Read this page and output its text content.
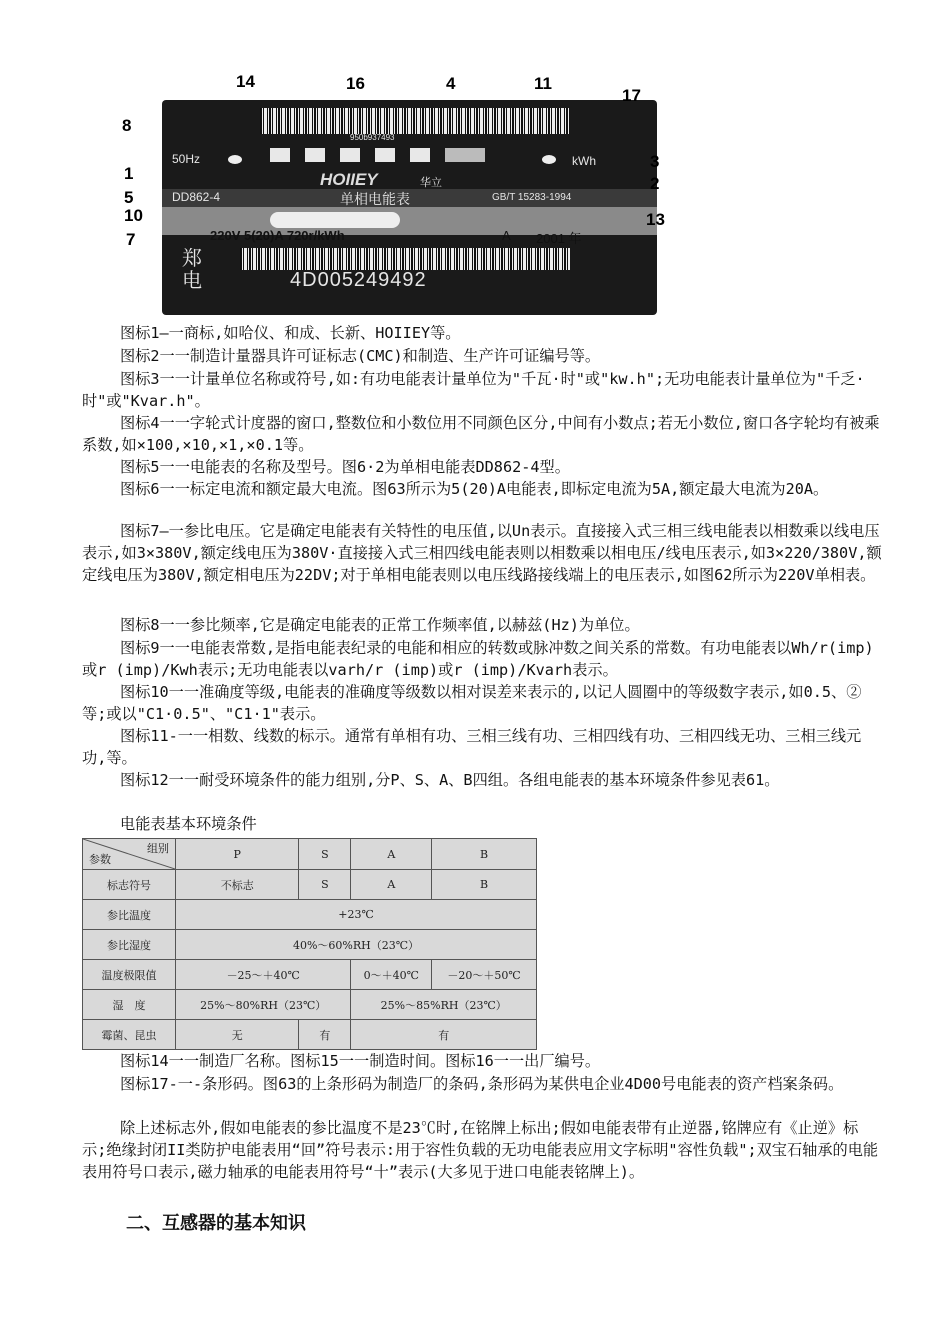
950b937493
50Hz	kWh
HOIIEY	华立
DD862-4	单相电能表	GB/T 15283-1994
220V 5(20)A 720r/kWh	A 2001 年
郑电	4D005249492
14	16	4	11
17
8
3
2
1
5
10	13
7

图标1—一商标,如哈仪、和成、长新、HOIIEY等。

图标2一一制造计量器具许可证标志(CMC)和制造、生产许可证编号等。

图标3一一计量单位名称或符号,如:有功电能表计量单位为"千瓦·时"或"kw.h";无功电能表计量单位为"千乏·时"或"Kvar.h"。

图标4一一字轮式计度器的窗口,整数位和小数位用不同颜色区分,中间有小数点;若无小数位,窗口各字轮均有被乘系数,如×100,×10,×1,×0.1等。

图标5一一电能表的名称及型号。图6·2为单相电能表DD862-4型。

图标6一一标定电流和额定最大电流。图63所示为5(20)A电能表,即标定电流为5A,额定最大电流为20A。

图标7—一参比电压。它是确定电能表有关特性的电压值,以Un表示。直接接入式三相三线电能表以相数乘以线电压表示,如3×380V,额定线电压为380V·直接接入式三相四线电能表则以相数乘以相电压/线电压表示,如3×220/380V,额定线电压为380V,额定相电压为22DV;对于单相电能表则以电压线路接线端上的电压表示,如图62所示为220V单相表。

图标8一一参比频率,它是确定电能表的正常工作频率值,以赫兹(Hz)为单位。

图标9一一电能表常数,是指电能表纪录的电能和相应的转数或脉冲数之间关系的常数。有功电能表以Wh/r(imp)或r (imp)/Kwh表示;无功电能表以varh/r (imp)或r (imp)/Kvarh表示。

图标10一一准确度等级,电能表的准确度等级数以相对误差来表示的,以记人圆圈中的等级数字表示,如0.5、②等;或以"C1·0.5"、"C1·1"表示。

图标11-一一相数、线数的标示。通常有单相有功、三相三线有功、三相四线有功、三相四线无功、三相三线元功,等。

图标12一一耐受环境条件的能力组别,分P、S、A、B四组。各组电能表的基本环境条件参见表61。

电能表基本环境条件

组别
参数	P	S	A	B
标志符号	不标志	S	A	B
参比温度	+23℃			
参比湿度	40%～60%RH（23℃）			
温度极限值	－25～＋40℃		0～＋40℃	－20～＋50℃
湿　度	25%～80%RH（23℃）		25%～85%RH（23℃）	
霉菌、昆虫	无	有	有	

图标14一一制造厂名称。图标15一一制造时间。图标16一一出厂编号。

图标17-一-条形码。图63的上条形码为制造厂的条码,条形码为某供电企业4D00号电能表的资产档案条码。

除上述标志外,假如电能表的参比温度不是23℃时,在铭牌上标出;假如电能表带有止逆器,铭牌应有《止逆》标示;绝缘封闭II类防护电能表用“回”符号表示:用于容性负载的无功电能表应用文字标明"容性负载";双宝石轴承的电能表用符号口表示,磁力轴承的电能表用符号“十”表示(大多见于进口电能表铭牌上)。

二、互感器的基本知识
